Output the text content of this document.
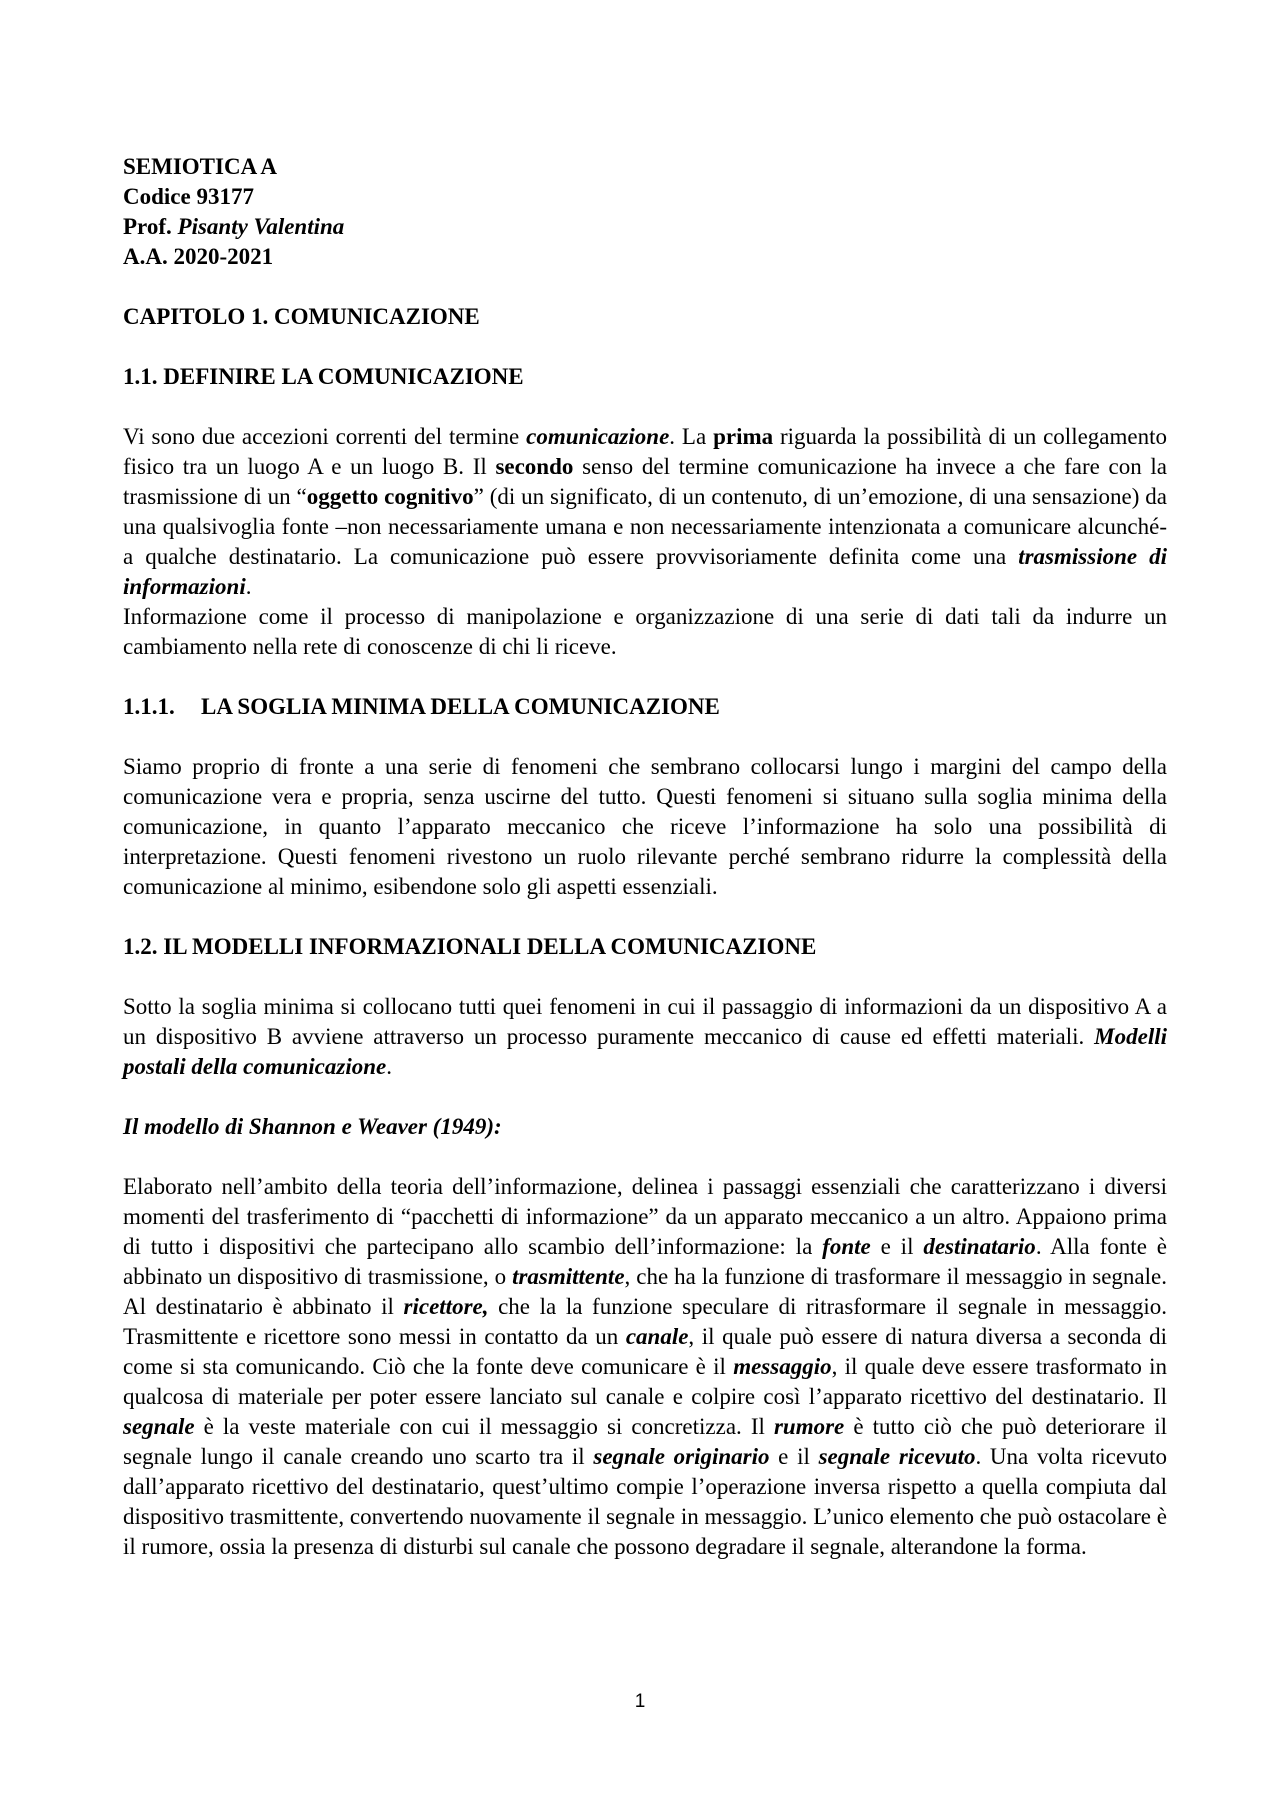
SEMIOTICA A
Codice 93177
Prof. Pisanty Valentina
A.A. 2020-2021
CAPITOLO 1. COMUNICAZIONE
1.1. DEFINIRE LA COMUNICAZIONE

Vi sono due accezioni correnti del termine comunicazione. La prima riguarda la possibilità di un collegamento fisico tra un luogo A e un luogo B. Il secondo senso del termine comunicazione ha invece a che fare con la trasmissione di un “oggetto cognitivo” (di un significato, di un contenuto, di un’emozione, di una sensazione) da una qualsivoglia fonte –non necessariamente umana e non necessariamente intenzionata a comunicare alcunché- a qualche destinatario. La comunicazione può essere provvisoriamente definita come una trasmissione di informazioni.

Informazione come il processo di manipolazione e organizzazione di una serie di dati tali da indurre un cambiamento nella rete di conoscenze di chi li riceve.

1.1.1. LA SOGLIA MINIMA DELLA COMUNICAZIONE

Siamo proprio di fronte a una serie di fenomeni che sembrano collocarsi lungo i margini del campo della comunicazione vera e propria, senza uscirne del tutto. Questi fenomeni si situano sulla soglia minima della comunicazione, in quanto l’apparato meccanico che riceve l’informazione ha solo una possibilità di interpretazione. Questi fenomeni rivestono un ruolo rilevante perché sembrano ridurre la complessità della comunicazione al minimo, esibendone solo gli aspetti essenziali.

1.2. IL MODELLI INFORMAZIONALI DELLA COMUNICAZIONE

Sotto la soglia minima si collocano tutti quei fenomeni in cui il passaggio di informazioni da un dispositivo A a un dispositivo B avviene attraverso un processo puramente meccanico di cause ed effetti materiali. Modelli postali della comunicazione.

Il modello di Shannon e Weaver (1949):

Elaborato nell’ambito della teoria dell’informazione, delinea i passaggi essenziali che caratterizzano i diversi momenti del trasferimento di “pacchetti di informazione” da un apparato meccanico a un altro. Appaiono prima di tutto i dispositivi che partecipano allo scambio dell’informazione: la fonte e il destinatario. Alla fonte è abbinato un dispositivo di trasmissione, o trasmittente, che ha la funzione di trasformare il messaggio in segnale. Al destinatario è abbinato il ricettore, che la la funzione speculare di ritrasformare il segnale in messaggio. Trasmittente e ricettore sono messi in contatto da un canale, il quale può essere di natura diversa a seconda di come si sta comunicando. Ciò che la fonte deve comunicare è il messaggio, il quale deve essere trasformato in qualcosa di materiale per poter essere lanciato sul canale e colpire così l’apparato ricettivo del destinatario. Il segnale è la veste materiale con cui il messaggio si concretizza. Il rumore è tutto ciò che può deteriorare il segnale lungo il canale creando uno scarto tra il segnale originario e il segnale ricevuto. Una volta ricevuto dall’apparato ricettivo del destinatario, quest’ultimo compie l’operazione inversa rispetto a quella compiuta dal dispositivo trasmittente, convertendo nuovamente il segnale in messaggio. L’unico elemento che può ostacolare è il rumore, ossia la presenza di disturbi sul canale che possono degradare il segnale, alterandone la forma.

1
